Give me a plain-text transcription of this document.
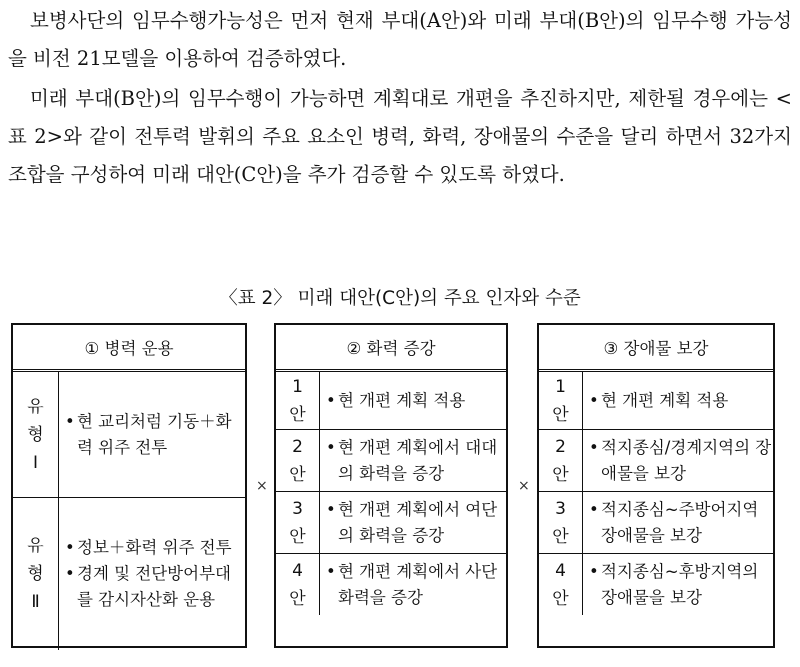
보병사단의 임무수행가능성은 먼저 현재 부대(A안)와 미래 부대(B안)의 임무수행 가능성을 비전 21모델을 이용하여 검증하였다.

미래 부대(B안)의 임무수행이 가능하면 계획대로 개편을 추진하지만, 제한될 경우에는 <표 2>와 같이 전투력 발휘의 주요 요소인 병력, 화력, 장애물의 수준을 달리 하면서 32가지 조합을 구성하여 미래 대안(C안)을 추가 검증할 수 있도록 하였다.

〈표 2〉 미래 대안(C안)의 주요 인자와 수준
① 병력 운용
유
형
Ⅰ
• 현 교리처럼 기동＋화력 위주 전투
유
형
Ⅱ
• 정보＋화력 위주 전투
• 경계 및 전단방어부대를 감시자산화 운용
×
② 화력 증강
1
안
• 현 개편 계획 적용
2
안
• 현 개편 계획에서 대대의 화력을 증강
3
안
• 현 개편 계획에서 여단의 화력을 증강
4
안
• 현 개편 계획에서 사단 화력을 증강
×
③ 장애물 보강
1
안
• 현 개편 계획 적용
2
안
• 적지종심/경계지역의 장애물을 보강
3
안
• 적지종심~주방어지역 장애물을 보강
4
안
• 적지종심~후방지역의 장애물을 보강
